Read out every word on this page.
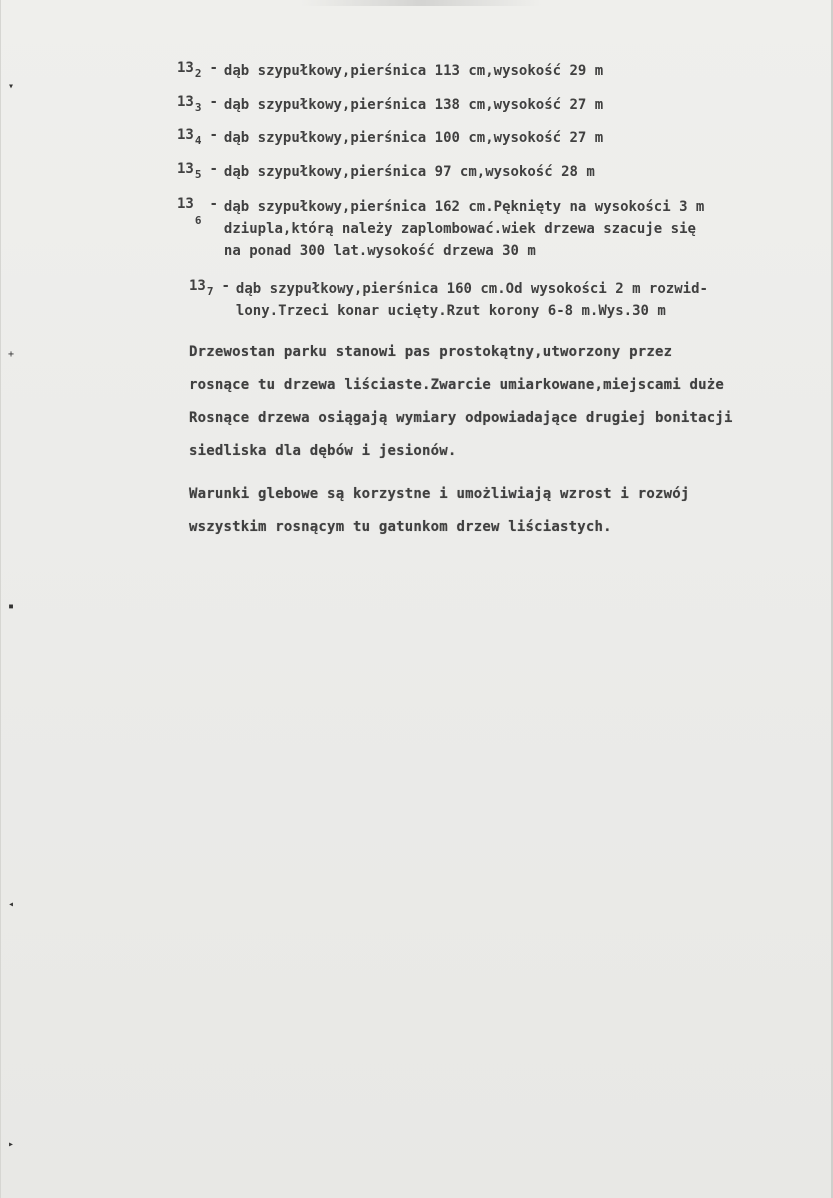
▾
+
▪
◂
▸
$13_2$ - dąb szypułkowy,pierśnica 113 cm,wysokość 29 m
$13_3$ - dąb szypułkowy,pierśnica 138 cm,wysokość 27 m
$13_4$ - dąb szypułkowy,pierśnica 100 cm,wysokość 27 m
$13_5$ - dąb szypułkowy,pierśnica 97 cm,wysokość 28 m
$13_6$
- dąb szypułkowy,pierśnica 162 cm.Pęknięty na wysokości 3 m
dziupla,którą należy zaplombować.wiek drzewa szacuje się
na ponad 300 lat.wysokość drzewa 30 m
$13_7$ - dąb szypułkowy,pierśnica 160 cm.Od wysokości 2 m rozwid-
lony.Trzeci konar ucięty.Rzut korony 6-8 m.Wys.30 m
Drzewostan parku stanowi pas prostokątny,utworzony przez
rosnące tu drzewa liściaste.Zwarcie umiarkowane,miejscami duże
Rosnące drzewa osiągają wymiary odpowiadające drugiej bonitacji
siedliska dla dębów i jesionów.
Warunki glebowe są korzystne i umożliwiają wzrost i rozwój
wszystkim rosnącym tu gatunkom drzew liściastych.
